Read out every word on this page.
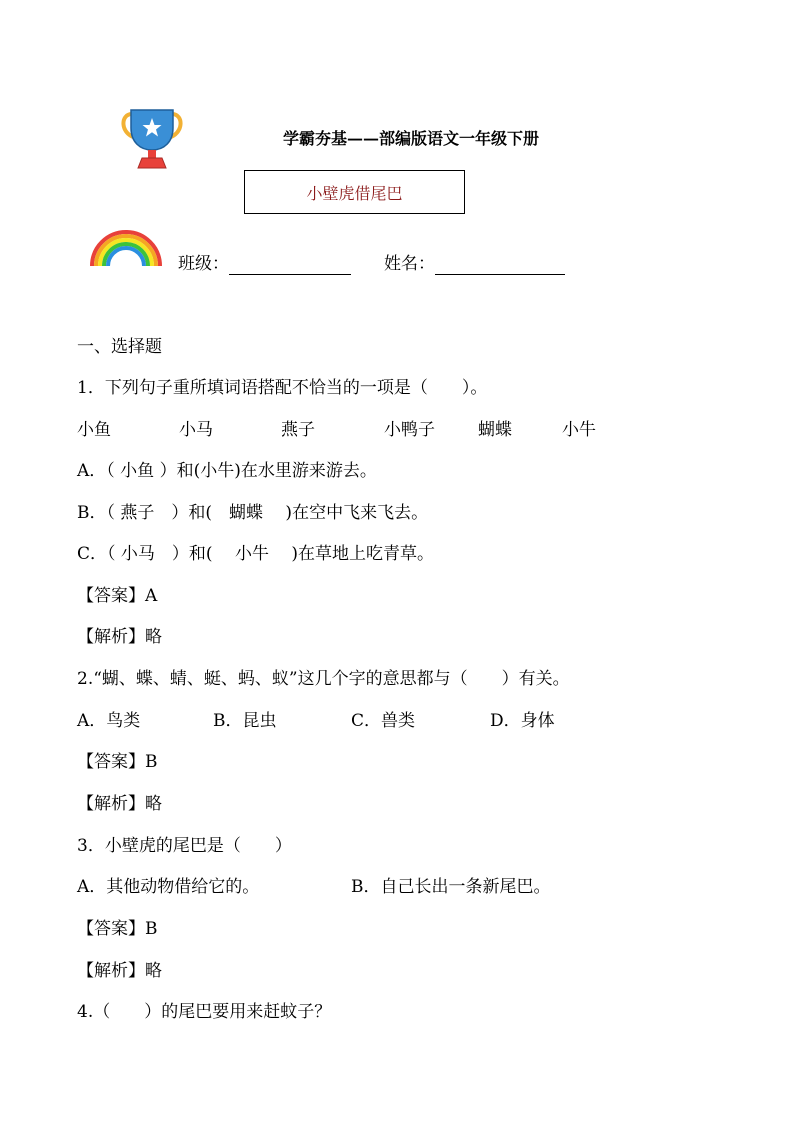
学霸夯基——部编版语文一年级下册
小壁虎借尾巴
班级：	姓名：
一、选择题
1．下列句子重所填词语搭配不恰当的一项是（　　）。
小鱼	小马	燕子	小鸭子	蝴蝶	小牛
A．（ 小鱼 ）和(小牛)在水里游来游去。
B．（ 燕子　）和(　蝴蝶　 )在空中飞来飞去。
C．（ 小马　）和(　 小牛　 )在草地上吃青草。
【答案】A
【解析】略
2.“蝴、蝶、蜻、蜓、蚂、蚁”这几个字的意思都与（　　）有关。
A．鸟类	B．昆虫	C．兽类	D．身体
【答案】B
【解析】略
3．小壁虎的尾巴是（　　）
A．其他动物借给它的。	B．自己长出一条新尾巴。
【答案】B
【解析】略
4.（　　）的尾巴要用来赶蚊子？
